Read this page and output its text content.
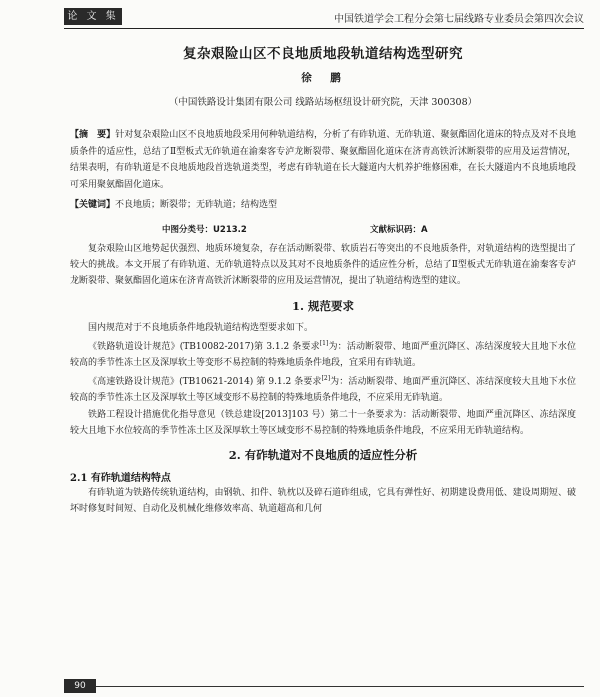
论 文 集	中国铁道学会工程分会第七届线路专业委员会第四次会议
复杂艰险山区不良地质地段轨道结构选型研究
徐　鹏
（中国铁路设计集团有限公司 线路站场枢纽设计研究院，天津 300308）

【摘　要】针对复杂艰险山区不良地质地段采用何种轨道结构，分析了有砟轨道、无砟轨道、聚氨酯固化道床的特点及对不良地质条件的适应性，总结了Ⅱ型板式无砟轨道在渝秦客专泸龙断裂带、聚氨酯固化道床在济青高铁沂沭断裂带的应用及运营情况，结果表明，有砟轨道是不良地质地段首选轨道类型，考虑有砟轨道在长大隧道内大机养护维修困难，在长大隧道内不良地质地段可采用聚氨酯固化道床。

【关键词】不良地质；断裂带；无砟轨道；结构选型

中图分类号：U213.2	文献标识码：A

复杂艰险山区地势起伏强烈、地质环境复杂，存在活动断裂带、软质岩石等突出的不良地质条件，对轨道结构的选型提出了较大的挑战。本文开展了有砟轨道、无砟轨道特点以及其对不良地质条件的适应性分析，总结了Ⅱ型板式无砟轨道在渝秦客专泸龙断裂带、聚氨酯固化道床在济青高铁沂沭断裂带的应用及运营情况，提出了轨道结构选型的建议。

1. 规范要求

国内规范对于不良地质条件地段轨道结构选型要求如下。

《铁路轨道设计规范》(TB10082-2017)第 3.1.2 条要求[1]为：活动断裂带、地面严重沉降区、冻结深度较大且地下水位较高的季节性冻土区及深厚软土等变形不易控制的特殊地质条件地段，宜采用有砟轨道。

《高速铁路设计规范》(TB10621-2014) 第 9.1.2 条要求[2]为：活动断裂带、地面严重沉降区、冻结深度较大且地下水位较高的季节性冻土区及深厚软土等区域变形不易控制的特殊地质条件地段，不应采用无砟轨道。

铁路工程设计措施优化指导意见（铁总建设[2013]103 号）第二十一条要求为：活动断裂带、地面严重沉降区、冻结深度较大且地下水位较高的季节性冻土区及深厚软土等区域变形不易控制的特殊地质条件地段，不应采用无砟轨道结构。

2. 有砟轨道对不良地质的适应性分析
2.1 有砟轨道结构特点

有砟轨道为铁路传统轨道结构，由钢轨、扣件、轨枕以及碎石道砟组成，它具有弹性好、初期建设费用低、建设周期短、破坏时修复时间短、自动化及机械化维修效率高、轨道超高和几何

90
